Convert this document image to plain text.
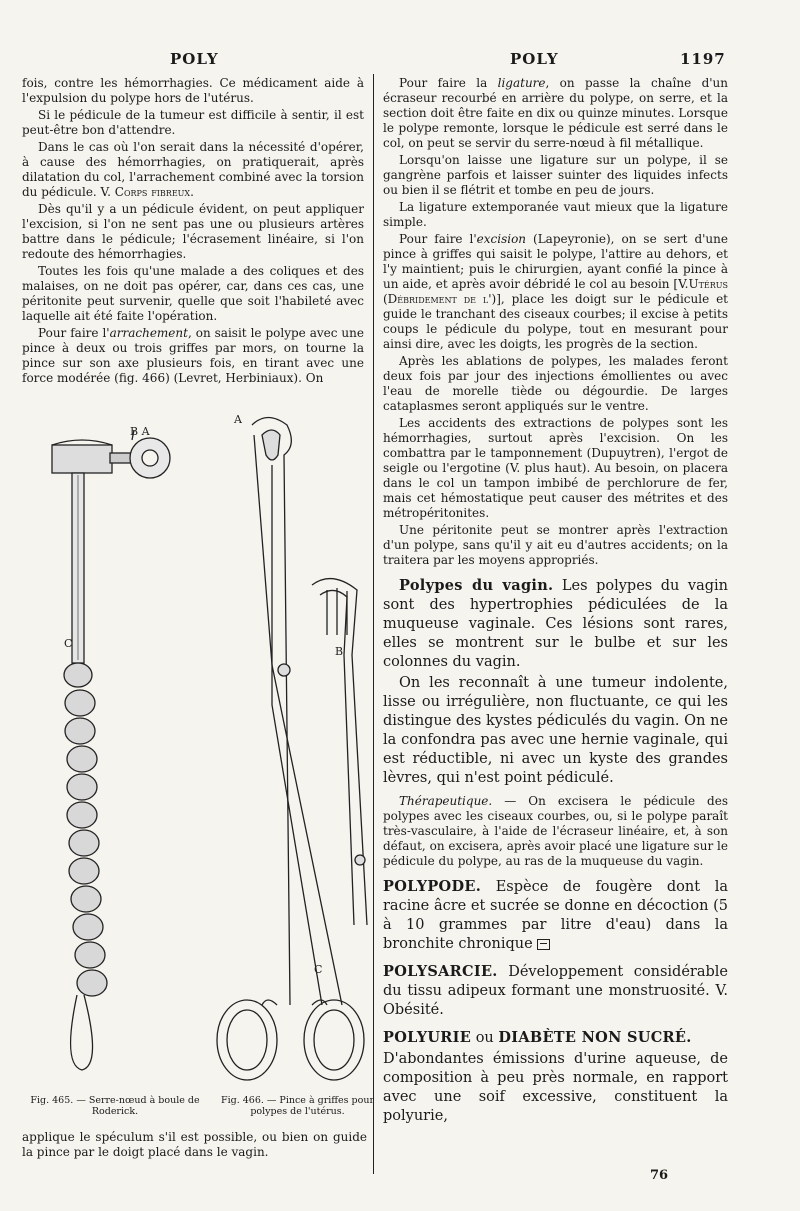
POLY	POLY	1197

fois, contre les hémorrhagies. Ce médicament aide à l'expulsion du polype hors de l'utérus.

Si le pédicule de la tumeur est difficile à sentir, il est peut-être bon d'attendre.

Dans le cas où l'on serait dans la nécessité d'opérer, à cause des hémorrhagies, on pratiquerait, après dilatation du col, l'arrachement combiné avec la torsion du pédicule. V. Corps fibreux.

Dès qu'il y a un pédicule évident, on peut appliquer l'excision, si l'on ne sent pas une ou plusieurs artères battre dans le pédicule; l'écrasement linéaire, si l'on redoute des hémorrhagies.

Toutes les fois qu'une malade a des coliques et des malaises, on ne doit pas opérer, car, dans ces cas, une péritonite peut survenir, quelle que soit l'habileté avec laquelle ait été faite l'opération.

Pour faire l'arrachement, on saisit le polype avec une pince à deux ou trois griffes par mors, on tourne la pince sur son axe plusieurs fois, en tirant avec une force modérée (fig. 466) (Levret, Herbiniaux). On

B A
C
A
B
C
Fig. 465. — Serre-nœud à boule de Roderick.
Fig. 466. — Pince à griffes pour polypes de l'utérus.
applique le spéculum s'il est possible, ou bien on guide la pince par le doigt placé dans le vagin.

Pour faire la ligature, on passe la chaîne d'un écraseur recourbé en arrière du polype, on serre, et la section doit être faite en dix ou quinze minutes. Lorsque le polype remonte, lorsque le pédicule est serré dans le col, on peut se servir du serre-nœud à fil métallique.

Lorsqu'on laisse une ligature sur un polype, il se gangrène parfois et laisser suinter des liquides infects ou bien il se flétrit et tombe en peu de jours.

La ligature extemporanée vaut mieux que la ligature simple.

Pour faire l'excision (Lapeyronie), on se sert d'une pince à griffes qui saisit le polype, l'attire au dehors, et l'y maintient; puis le chirurgien, ayant confié la pince à un aide, et après avoir débridé le col au besoin [V.Utérus (Débridement de l')], place les doigt sur le pédicule et guide le tranchant des ciseaux courbes; il excise à petits coups le pédicule du polype, tout en mesurant pour ainsi dire, avec les doigts, les progrès de la section.

Après les ablations de polypes, les malades feront deux fois par jour des injections émollientes ou avec l'eau de morelle tiède ou dégourdie. De larges cataplasmes seront appliqués sur le ventre.

Les accidents des extractions de polypes sont les hémorrhagies, surtout après l'excision. On les combattra par le tamponnement (Dupuytren), l'ergot de seigle ou l'ergotine (V. plus haut). Au besoin, on placera dans le col un tampon imbibé de perchlorure de fer, mais cet hémostatique peut causer des métrites et des métropéritonites.

Une péritonite peut se montrer après l'extraction d'un polype, sans qu'il y ait eu d'autres accidents; on la traitera par les moyens appropriés.

Polypes du vagin. Les polypes du vagin sont des hypertrophies pédiculées de la muqueuse vaginale. Ces lésions sont rares, elles se montrent sur le bulbe et sur les colonnes du vagin.

On les reconnaît à une tumeur indolente, lisse ou irrégulière, non fluctuante, ce qui les distingue des kystes pédiculés du vagin. On ne la confondra pas avec une hernie vaginale, qui est réductible, ni avec un kyste des grandes lèvres, qui n'est point pédiculé.

Thérapeutique. — On excisera le pédicule des polypes avec les ciseaux courbes, ou, si le polype paraît très-vasculaire, à l'aide de l'écraseur linéaire, et, à son défaut, on excisera, après avoir placé une ligature sur le pédicule du polype, au ras de la muqueuse du vagin.

POLYPODE. Espèce de fougère dont la racine âcre et sucrée se donne en décoction (5 à 10 grammes par litre d'eau) dans la bronchite chronique

POLYSARCIE. Développement considérable du tissu adipeux formant une monstruosité. V. Obésité.

POLYURIE ou DIABÈTE NON SUCRÉ.

D'abondantes émissions d'urine aqueuse, de composition à peu près normale, en rapport avec une soif excessive, constituent la polyurie,

76
